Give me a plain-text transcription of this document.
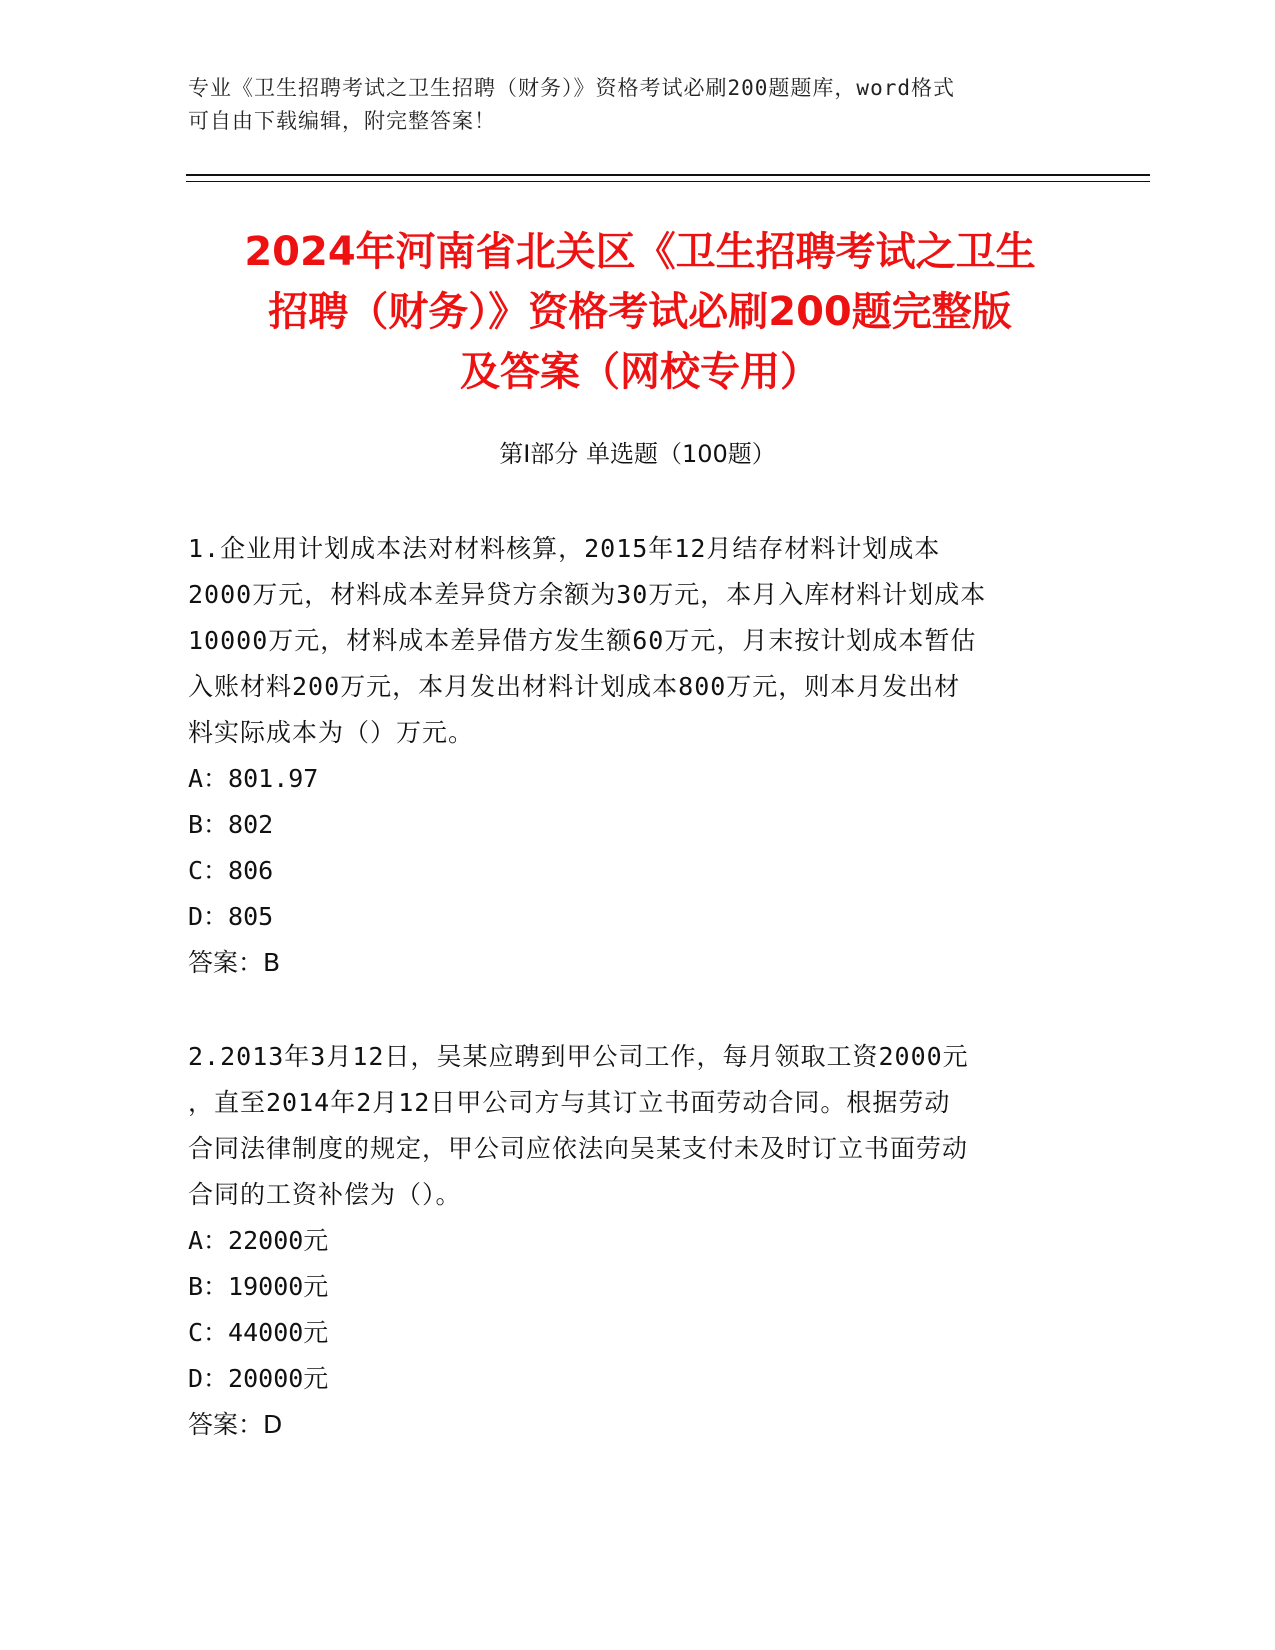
专业《卫生招聘考试之卫生招聘（财务）》资格考试必刷200题题库，word格式

可自由下载编辑，附完整答案！

2024年河南省北关区《卫生招聘考试之卫生

招聘（财务）》资格考试必刷200题完整版

及答案（网校专用）

第Ⅰ部分 单选题（100题）

1.企业用计划成本法对材料核算，2015年12月结存材料计划成本

2000万元，材料成本差异贷方余额为30万元，本月入库材料计划成本

10000万元，材料成本差异借方发生额60万元，月末按计划成本暂估

入账材料200万元，本月发出材料计划成本800万元，则本月发出材

料实际成本为（）万元。

A：801.97

B：802

C：806

D：805

答案：B

2.2013年3月12日，吴某应聘到甲公司工作，每月领取工资2000元

，直至2014年2月12日甲公司方与其订立书面劳动合同。根据劳动

合同法律制度的规定，甲公司应依法向吴某支付未及时订立书面劳动

合同的工资补偿为（）。

A：22000元

B：19000元

C：44000元

D：20000元

答案：D
